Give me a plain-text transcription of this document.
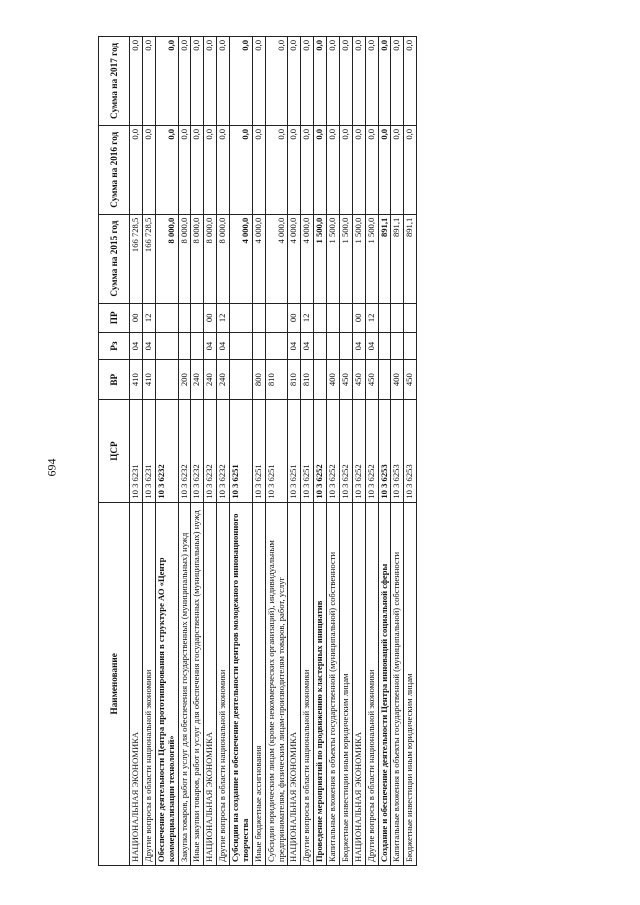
694
Наименование	ЦСР	ВР	Рз	ПР	Сумма на 2015 год	Сумма на 2016 год	Сумма на 2017 год
НАЦИОНАЛЬНАЯ ЭКОНОМИКА	10 3 6231	410	04	00	166 728,5	0,0	0,0
Другие вопросы в области национальной экономики	10 3 6231	410	04	12	166 728,5	0,0	0,0
Обеспечение деятельности Центра прототипирования в структуре АО «Центр коммерциализации технологий»	10 3 6232				8 000,0	0,0	0,0
Закупка товаров, работ и услуг для обеспечения государственных (муниципальных) нужд	10 3 6232	200			8 000,0	0,0	0,0
Иные закупки товаров, работ и услуг для обеспечения государственных (муниципальных) нужд	10 3 6232	240			8 000,0	0,0	0,0
НАЦИОНАЛЬНАЯ ЭКОНОМИКА	10 3 6232	240	04	00	8 000,0	0,0	0,0
Другие вопросы в области национальной экономики	10 3 6232	240	04	12	8 000,0	0,0	0,0
Субсидии на создание и обеспечение деятельности центров молодежного инновационного творчества	10 3 6251				4 000,0	0,0	0,0
Иные бюджетные ассигнования	10 3 6251	800			4 000,0	0,0	0,0
Субсидии юридическим лицам (кроме некоммерческих организаций), индивидуальным предпринимателям, физическим лицам-производителям товаров, работ, услуг	10 3 6251	810			4 000,0	0,0	0,0
НАЦИОНАЛЬНАЯ ЭКОНОМИКА	10 3 6251	810	04	00	4 000,0	0,0	0,0
Другие вопросы в области национальной экономики	10 3 6251	810	04	12	4 000,0	0,0	0,0
Проведение мероприятий по продвижению кластерных инициатив	10 3 6252				1 500,0	0,0	0,0
Капитальные вложения в объекты государственной (муниципальной) собственности	10 3 6252	400			1 500,0	0,0	0,0
Бюджетные инвестиции иным юридическим лицам	10 3 6252	450			1 500,0	0,0	0,0
НАЦИОНАЛЬНАЯ ЭКОНОМИКА	10 3 6252	450	04	00	1 500,0	0,0	0,0
Другие вопросы в области национальной экономики	10 3 6252	450	04	12	1 500,0	0,0	0,0
Создание и обеспечение деятельности Центра инноваций социальной сферы	10 3 6253				891,1	0,0	0,0
Капитальные вложения в объекты государственной (муниципальной) собственности	10 3 6253	400			891,1	0,0	0,0
Бюджетные инвестиции иным юридическим лицам	10 3 6253	450			891,1	0,0	0,0
